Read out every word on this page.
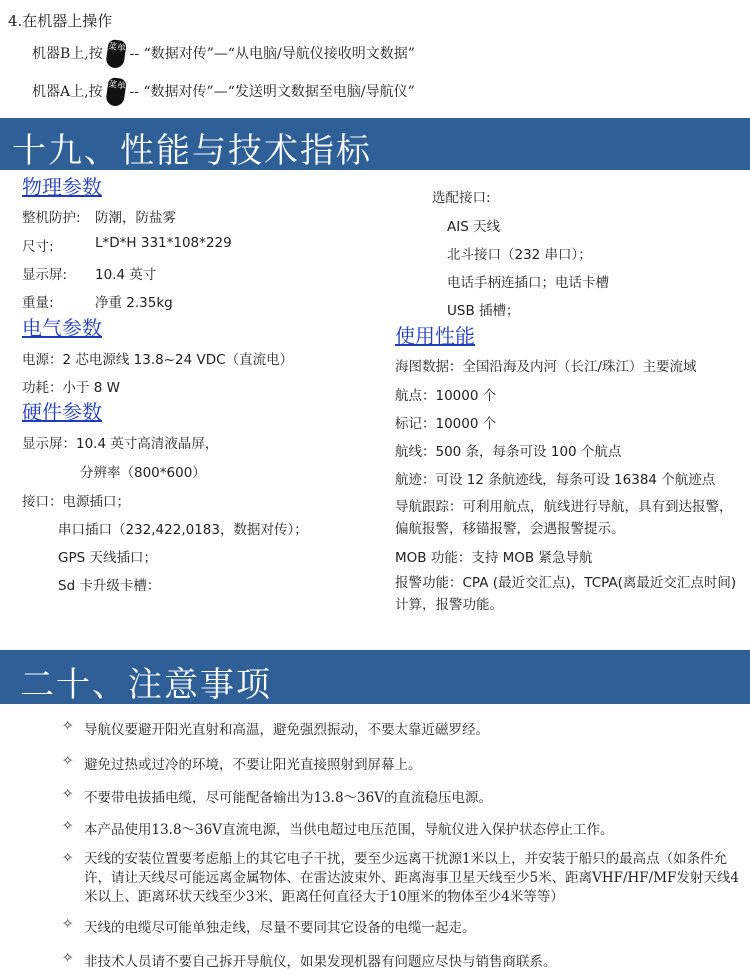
4.在机器上操作
机器B上,按 菜单 -- “数据对传”—“从电脑/导航仪接收明文数据”
机器A上,按 菜单 -- “数据对传”—“发送明文数据至电脑/导航仪”
十九、性能与技术指标
物理参数
整机防护: 防潮，防盐雾
尺寸:	L*D*H 331*108*229
显示屏: 10.4 英寸
重量:	净重 2.35kg
电气参数
电源：2 芯电源线 13.8~24 VDC（直流电）
功耗：小于 8 W
硬件参数
显示屏：10.4 英寸高清液晶屏，
分辨率（800*600）
接口：电源插口；
串口插口（232,422,0183，数据对传）；
GPS 天线插口；
Sd 卡升级卡槽：
选配接口:
AIS 天线
北斗接口（232 串口）；
电话手柄连插口；电话卡槽
USB 插槽；
使用性能
海图数据：全国沿海及内河（长江/珠江）主要流域
航点：10000 个
标记：10000 个
航线：500 条，每条可设 100 个航点
航迹：可设 12 条航迹线，每条可设 16384 个航迹点
导航跟踪：可利用航点，航线进行导航，具有到达报警，偏航报警，移锚报警，会遇报警提示。
MOB 功能：支持 MOB 紧急导航
报警功能：CPA (最近交汇点)，TCPA(离最近交汇点时间)计算，报警功能。
二十、注意事项
✧ 导航仪要避开阳光直射和高温，避免强烈振动，不要太靠近磁罗经。
✧ 避免过热或过冷的环境，不要让阳光直接照射到屏幕上。
✧ 不要带电拔插电缆，尽可能配备输出为13.8～36V的直流稳压电源。
✧ 本产品使用13.8～36V直流电源，当供电超过电压范围，导航仪进入保护状态停止工作。
✧ 天线的安装位置要考虑船上的其它电子干扰，要至少远离干扰源1米以上，并安装于船只的最高点（如条件允许，请让天线尽可能远离金属物体、在雷达波束外、距离海事卫星天线至少5米、距离VHF/HF/MF发射天线4米以上、距离环状天线至少3米、距离任何直径大于10厘米的物体至少4米等等）
✧ 天线的电缆尽可能单独走线，尽量不要同其它设备的电缆一起走。
✧ 非技术人员请不要自己拆开导航仪，如果发现机器有问题应尽快与销售商联系。
